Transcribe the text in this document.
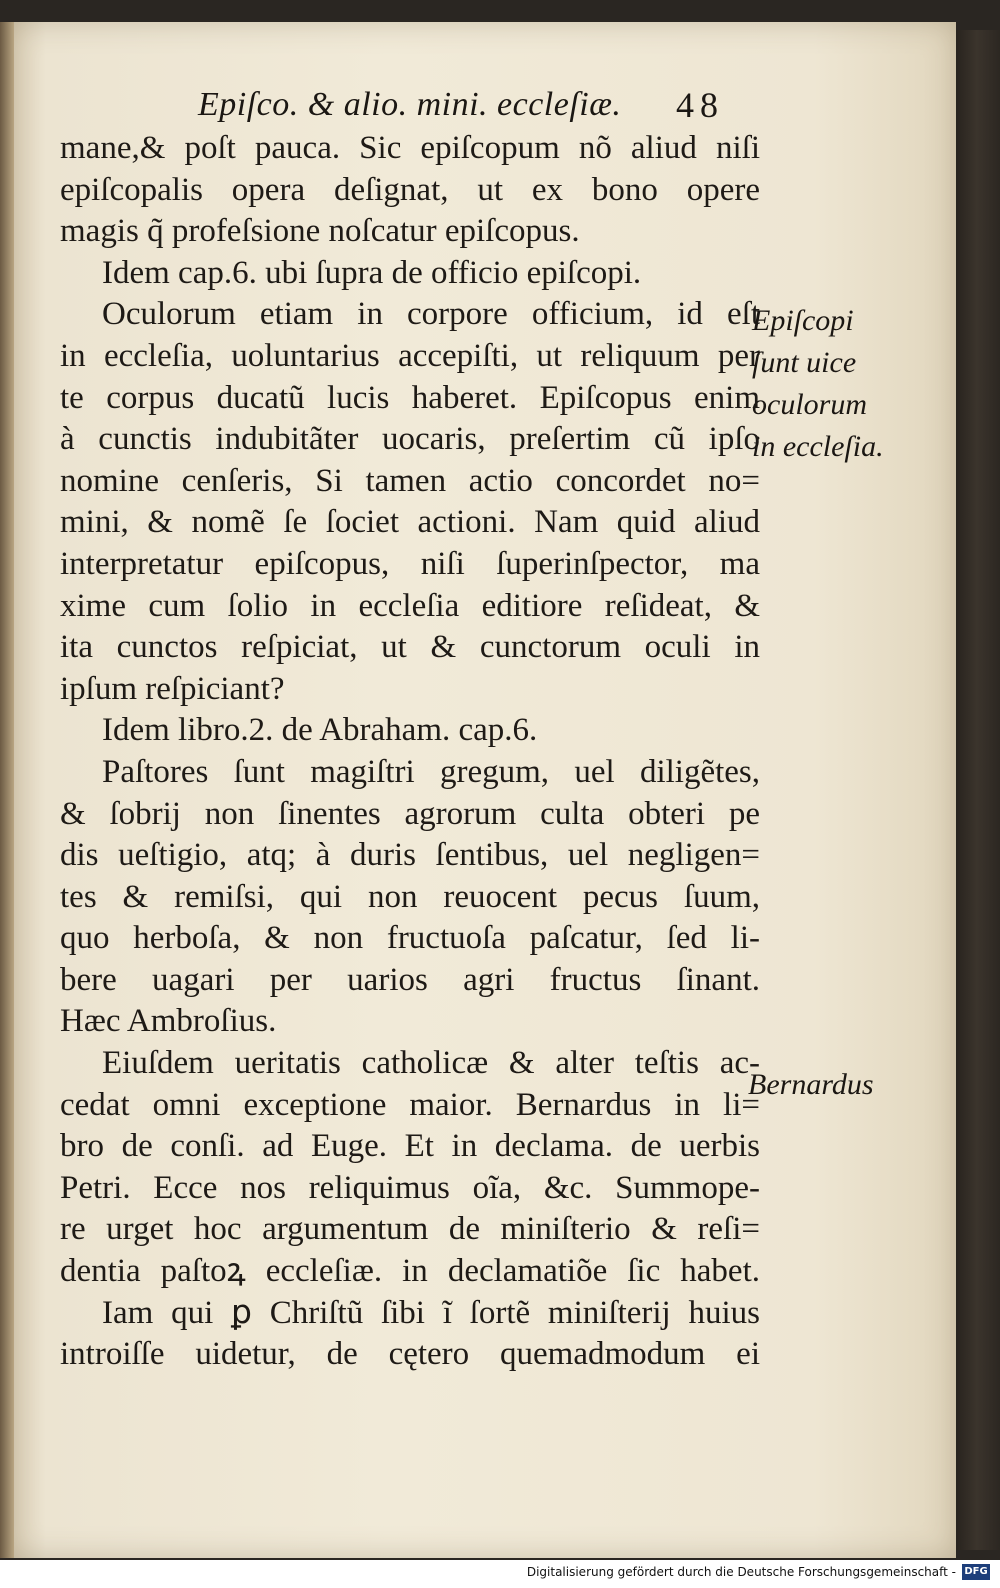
Epiſco. & alio. mini. eccleſiæ. 48
mane,& poſt pauca. Sic epiſcopum nõ aliud niſi
epiſcopalis opera deſignat, ut ex bono opere
magis q̃ profeſsione noſcatur epiſcopus.
Idem cap.6. ubi ſupra de officio epiſcopi.
Oculorum etiam in corpore officium, id eſt
in eccleſia, uoluntarius accepiſti, ut reliquum per
te corpus ducatũ lucis haberet. Epiſcopus enim
à cunctis indubitãter uocaris, preſertim cũ ipſo
nomine cenſeris, Si tamen actio concordet no=
mini, & nomẽ ſe ſociet actioni. Nam quid aliud
interpretatur epiſcopus, niſi ſuperinſpector, ma
xime cum ſolio in eccleſia editiore reſideat, &
ita cunctos reſpiciat, ut & cunctorum oculi in
ipſum reſpiciant?
Idem libro.2. de Abraham. cap.6.
Paſtores ſunt magiſtri gregum, uel diligẽtes,
& ſobrij non ſinentes agrorum culta obteri pe
dis ueſtigio, atq; à duris ſentibus, uel negligen=
tes & remiſsi, qui non reuocent pecus ſuum,
quo herboſa, & non fructuoſa paſcatur, ſed li-
bere uagari per uarios agri fructus ſinant.
Hæc Ambroſius.
Eiuſdem ueritatis catholicæ & alter teſtis ac-
cedat omni exceptione maior. Bernardus in li=
bro de conſi. ad Euge. Et in declama. de uerbis
Petri. Ecce nos reliquimus oĩa, &c. Summope-
re urget hoc argumentum de miniſterio & reſi=
dentia paſtoꝝ eccleſiæ. in declamatiõe ſic habet.
Iam qui ꝑ Chriſtũ ſibi ĩ ſortẽ miniſterij huius
introiſſe uidetur, de cętero quemadmodum ei
Epiſcopi
ſunt uice
oculorum
in eccleſia.
Bernardus
Digitalisierung gefördert durch die Deutsche Forschungsgemeinschaft - DFG
